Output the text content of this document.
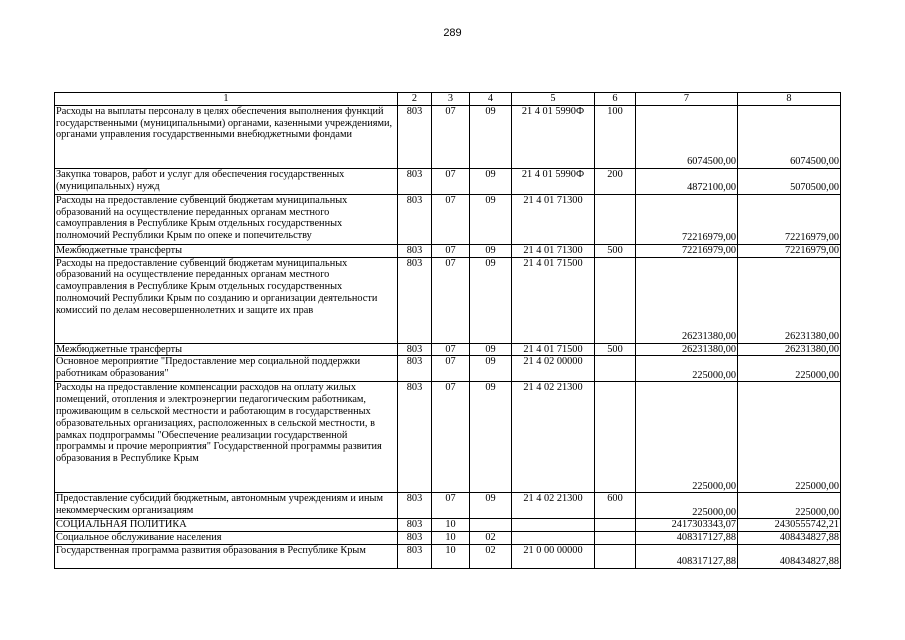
289
1	2	3	4	5	6	7	8
Расходы на выплаты персоналу в целях обеспечения выполнения функций государственными (муниципальными) органами, казенными учреждениями, органами управления государственными внебюджетными фондами	803	07	09	21 4 01 5990Ф	100	6074500,00	6074500,00
Закупка товаров, работ и услуг для обеспечения государственных (муниципальных) нужд	803	07	09	21 4 01 5990Ф	200	4872100,00	5070500,00
Расходы на предоставление субвенций бюджетам муниципальных образований на осуществление переданных органам местного самоуправления в Республике Крым отдельных государственных полномочий Республики Крым по опеке и попечительству	803	07	09	21 4 01 71300		72216979,00	72216979,00
Межбюджетные трансферты	803	07	09	21 4 01 71300	500	72216979,00	72216979,00
Расходы на предоставление субвенций бюджетам муниципальных образований на осуществление переданных органам местного самоуправления в Республике Крым отдельных государственных полномочий Республики Крым по созданию и организации деятельности комиссий по делам несовершеннолетних и защите их прав	803	07	09	21 4 01 71500		26231380,00	26231380,00
Межбюджетные трансферты	803	07	09	21 4 01 71500	500	26231380,00	26231380,00
Основное мероприятие "Предоставление мер социальной поддержки работникам образования"	803	07	09	21 4 02 00000		225000,00	225000,00
Расходы на предоставление компенсации расходов на оплату жилых помещений, отопления и электроэнергии педагогическим работникам, проживающим в сельской местности и работающим в государственных образовательных организациях, расположенных в сельской местности, в рамках подпрограммы "Обеспечение реализации государственной программы и прочие мероприятия" Государственной программы развития образования в Республике Крым	803	07	09	21 4 02 21300		225000,00	225000,00
Предоставление субсидий бюджетным, автономным учреждениям и иным некоммерческим организациям	803	07	09	21 4 02 21300	600	225000,00	225000,00
СОЦИАЛЬНАЯ ПОЛИТИКА	803	10				2417303343,07	2430555742,21
Социальное обслуживание населения	803	10	02			408317127,88	408434827,88
Государственная программа развития образования в Республике Крым	803	10	02	21 0 00 00000		408317127,88	408434827,88
